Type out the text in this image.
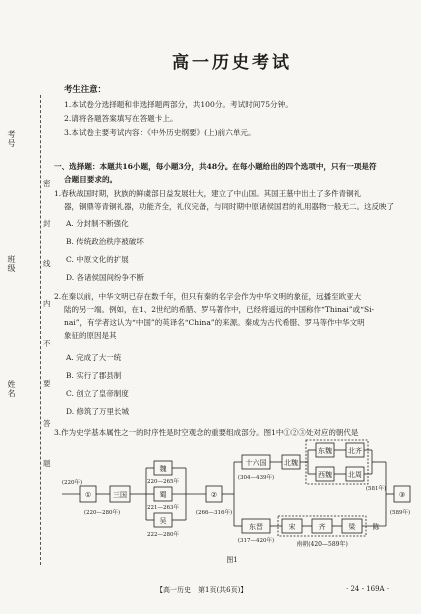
考号
班级
姓名
密
封
线
内
不
要
答
题
高一历史考试
考生注意：
1.本试卷分选择题和非选择题两部分，共100分。考试时间75分钟。
2.请将各题答案填写在答题卡上。
3.本试卷主要考试内容：《中外历史纲要》(上)前六单元。
一、选择题：本题共16小题，每小题3分，共48分。在每小题给出的四个选项中，只有一项是符
合题目要求的。
1.春秋战国时期，狄族的鲜虞部日益发展壮大，建立了中山国。其国王墓中出土了多件青铜礼
器，铜鼎等青铜礼器，功能齐全，礼仪完备，与同时期中原诸侯国君的礼用器物一般无二。这反映了
A. 分封制不断强化
B. 传统政治秩序被破坏
C. 中原文化的扩展
D. 各诸侯国间纷争不断
2.在秦以前，中华文明已存在数千年，但只有秦的名字会作为中华文明的象征，远播至欧亚大
陆的另一端。例如，在1、2世纪的希腊、罗马著作中，已经将遥远的中国称作“Thinai”或“Si-
nai”，有学者这认为“中国”的英译名“China”的来源。秦成为古代希腊、罗马等作中华文明
象征的原因是其
A. 完成了大一统
B. 实行了郡县制
C. 创立了皇帝制度
D. 修筑了万里长城
3.作为史学基本属性之一的时序性是时空观念的重要组成部分。图1中①②③处对应的朝代是
①
(220年)
三国
(220—280年)
魏
220—265年
蜀
221—263年
吴
222—280年
②
(266—316年)
十六国
(304—439年)
北魏
东魏 北齐
西魏 北周
东晋
(317—420年)
宋	齐	梁 陈
南朝(420—589年)
③
(581年)
(589年)
图1
【高一历史　第1页(共6页)】	· 24 - 169A ·
